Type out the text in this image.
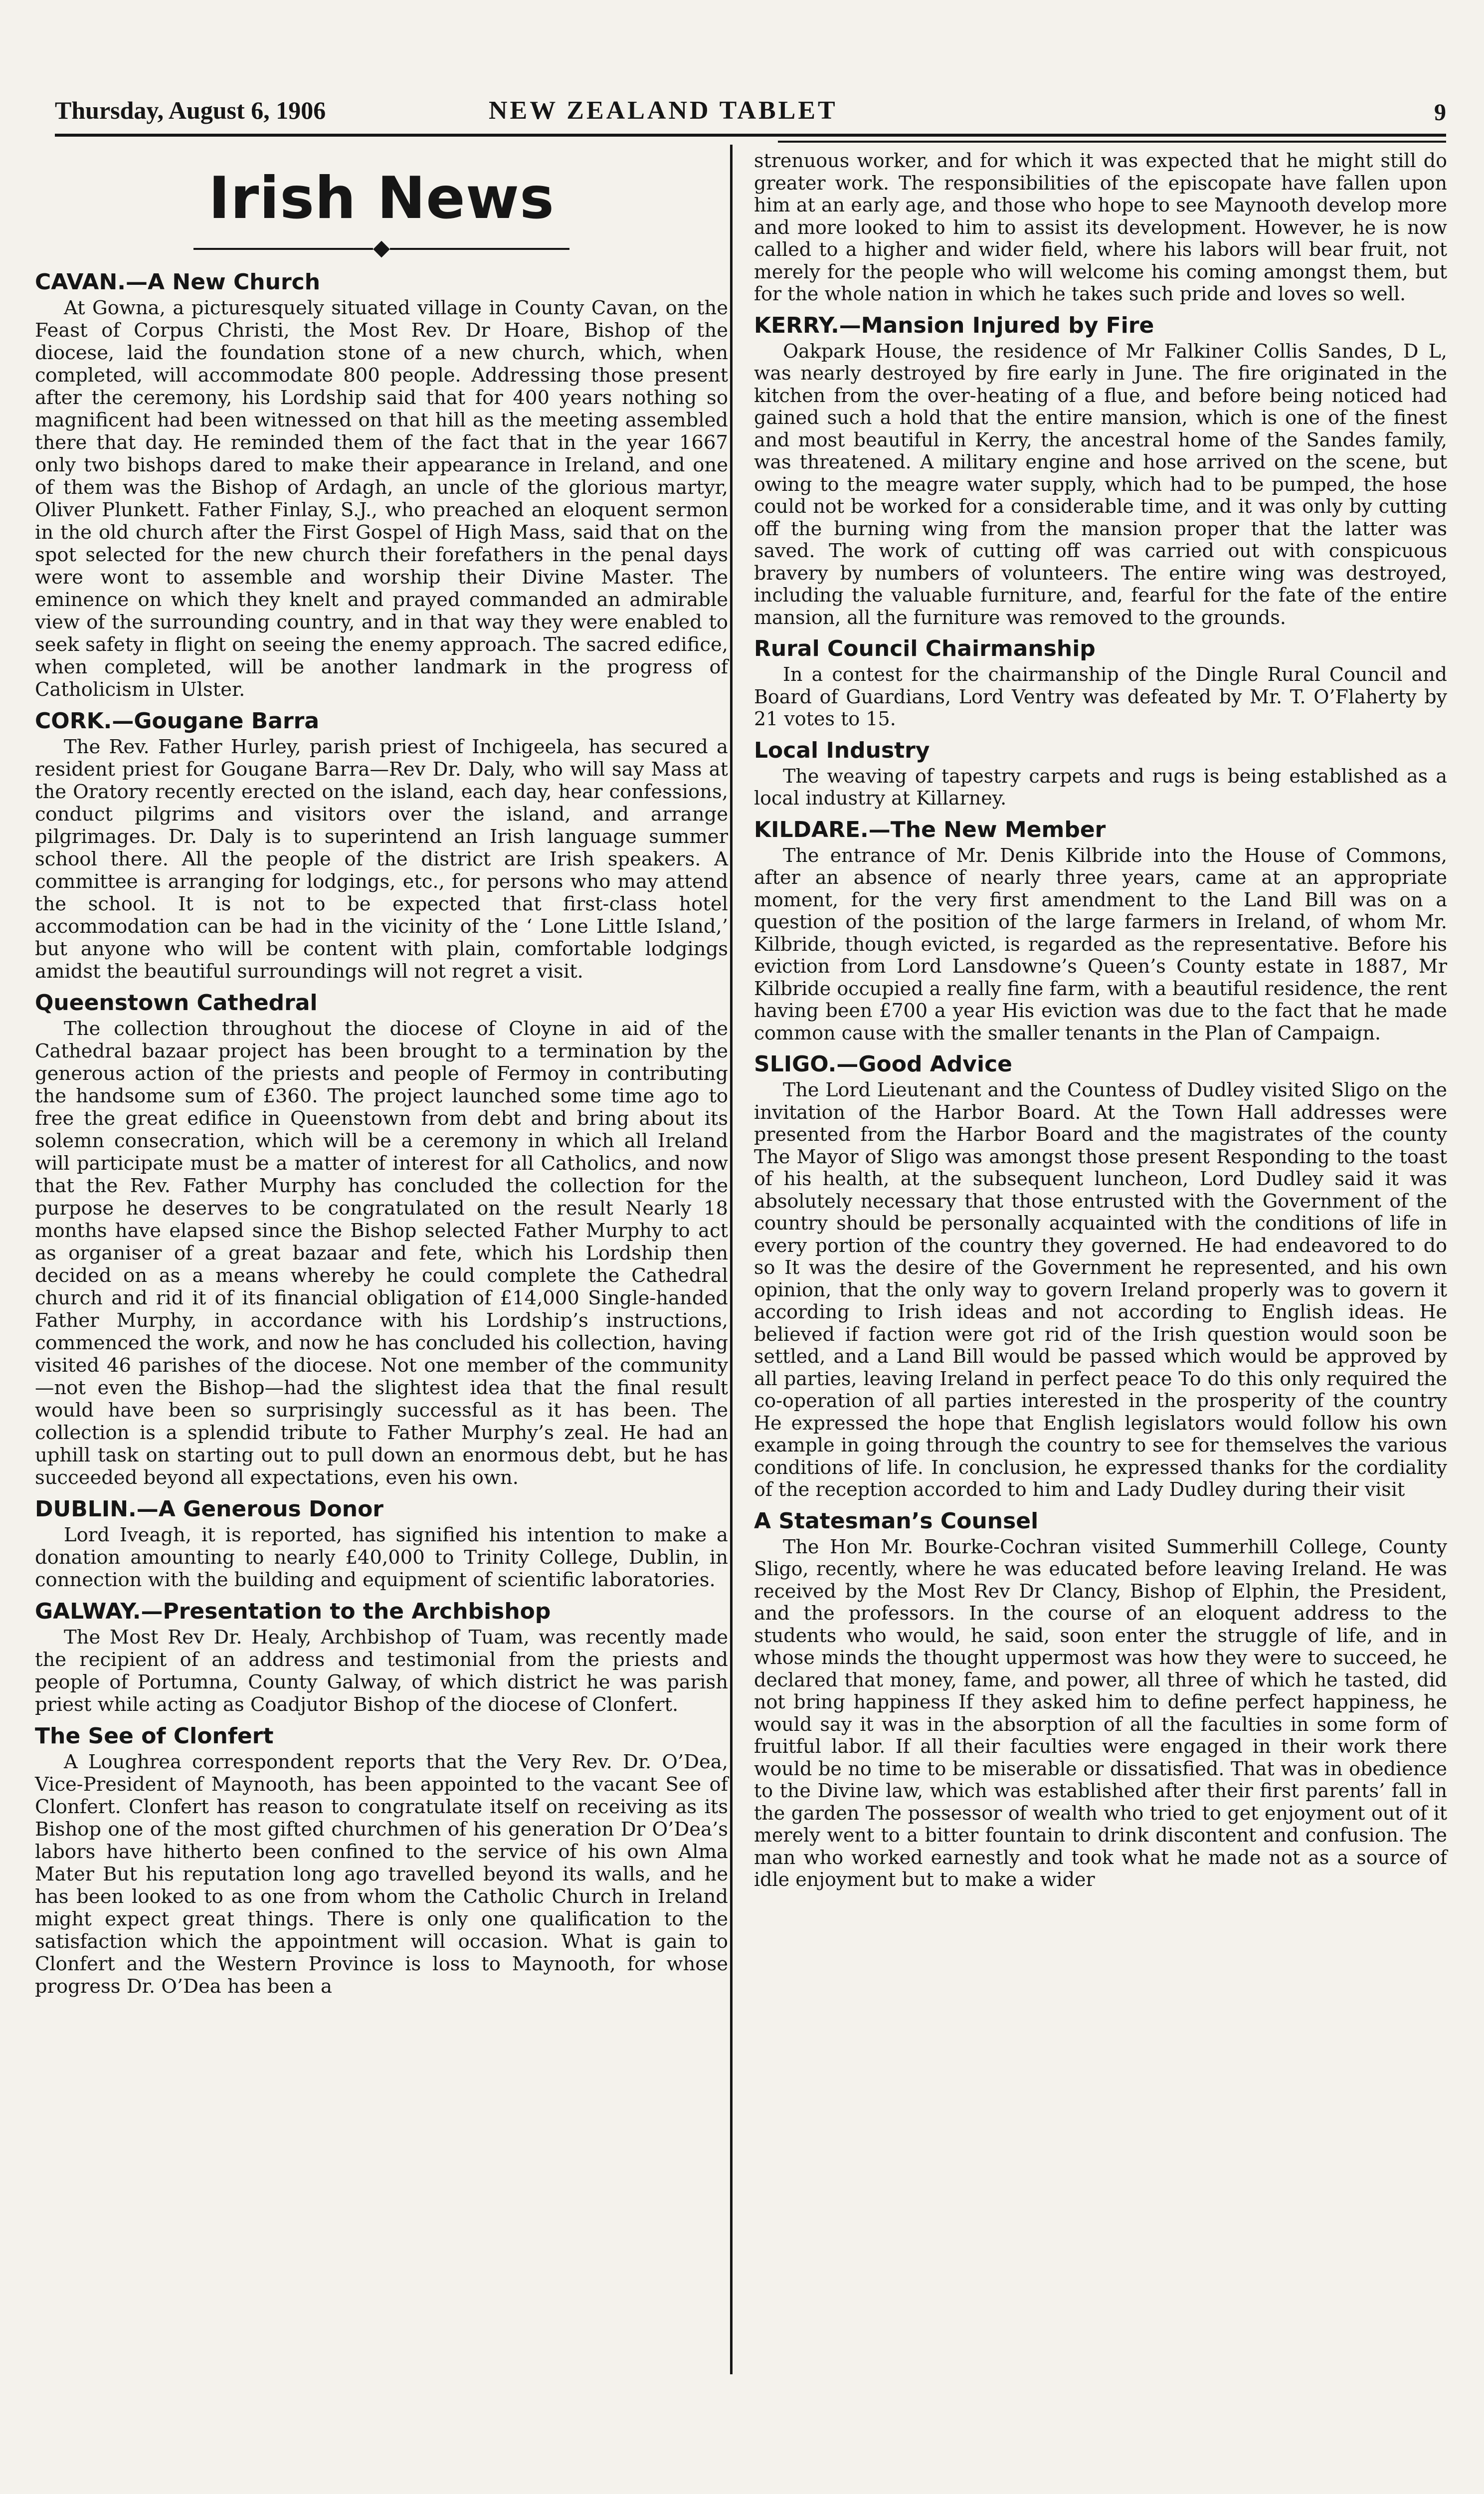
Thursday, August 6, 1906	NEW ZEALAND TABLET	9
Irish News
◆
CAVAN.—A New Church

At Gowna, a picturesquely situated village in County Cavan, on the Feast of Corpus Christi, the Most Rev. Dr Hoare, Bishop of the diocese, laid the foundation stone of a new church, which, when completed, will accommodate 800 people. Addressing those present after the ceremony, his Lordship said that for 400 years nothing so magnificent had been witnessed on that hill as the meeting assembled there that day. He reminded them of the fact that in the year 1667 only two bishops dared to make their appearance in Ireland, and one of them was the Bishop of Ardagh, an uncle of the glorious martyr, Oliver Plunkett. Father Finlay, S.J., who preached an eloquent sermon in the old church after the First Gospel of High Mass, said that on the spot selected for the new church their forefathers in the penal days were wont to assemble and worship their Divine Master. The eminence on which they knelt and prayed commanded an admirable view of the surrounding country, and in that way they were enabled to seek safety in flight on seeing the enemy approach. The sacred edifice, when completed, will be another landmark in the progress of Catholicism in Ulster.

CORK.—Gougane Barra

The Rev. Father Hurley, parish priest of Inchigeela, has secured a resident priest for Gougane Barra—Rev Dr. Daly, who will say Mass at the Oratory recently erected on the island, each day, hear confessions, conduct pilgrims and visitors over the island, and arrange pilgrimages. Dr. Daly is to superintend an Irish language summer school there. All the people of the district are Irish speakers. A committee is arranging for lodgings, etc., for persons who may attend the school. It is not to be expected that first-class hotel accommodation can be had in the vicinity of the ‘ Lone Little Island,’ but anyone who will be content with plain, comfortable lodgings amidst the beautiful surroundings will not regret a visit.

Queenstown Cathedral

The collection throughout the diocese of Cloyne in aid of the Cathedral bazaar project has been brought to a termination by the generous action of the priests and people of Fermoy in contributing the handsome sum of £360. The project launched some time ago to free the great edifice in Queenstown from debt and bring about its solemn consecration, which will be a ceremony in which all Ireland will participate must be a matter of interest for all Catholics, and now that the Rev. Father Murphy has concluded the collection for the purpose he deserves to be congratulated on the result Nearly 18 months have elapsed since the Bishop selected Father Murphy to act as organiser of a great bazaar and fete, which his Lordship then decided on as a means whereby he could complete the Cathedral church and rid it of its financial obligation of £14,000 Single-handed Father Murphy, in accordance with his Lordship’s instructions, commenced the work, and now he has concluded his collection, having visited 46 parishes of the diocese. Not one member of the community—not even the Bishop—had the slightest idea that the final result would have been so surprisingly successful as it has been. The collection is a splendid tribute to Father Murphy’s zeal. He had an uphill task on starting out to pull down an enormous debt, but he has succeeded beyond all expectations, even his own.

DUBLIN.—A Generous Donor

Lord Iveagh, it is reported, has signified his intention to make a donation amounting to nearly £40,000 to Trinity College, Dublin, in connection with the building and equipment of scientific laboratories.

GALWAY.—Presentation to the Archbishop

The Most Rev Dr. Healy, Archbishop of Tuam, was recently made the recipient of an address and testimonial from the priests and people of Portumna, County Galway, of which district he was parish priest while acting as Coadjutor Bishop of the diocese of Clonfert.

The See of Clonfert

A Loughrea correspondent reports that the Very Rev. Dr. O’Dea, Vice-President of Maynooth, has been appointed to the vacant See of Clonfert. Clonfert has reason to congratulate itself on receiving as its Bishop one of the most gifted churchmen of his generation Dr O’Dea’s labors have hitherto been confined to the service of his own Alma Mater But his reputation long ago travelled beyond its walls, and he has been looked to as one from whom the Catholic Church in Ireland might expect great things. There is only one qualification to the satisfaction which the appointment will occasion. What is gain to Clonfert and the Western Province is loss to Maynooth, for whose progress Dr. O’Dea has been a

strenuous worker, and for which it was expected that he might still do greater work. The responsibilities of the episcopate have fallen upon him at an early age, and those who hope to see Maynooth develop more and more looked to him to assist its development. However, he is now called to a higher and wider field, where his labors will bear fruit, not merely for the people who will welcome his coming amongst them, but for the whole nation in which he takes such pride and loves so well.

KERRY.—Mansion Injured by Fire

Oakpark House, the residence of Mr Falkiner Collis Sandes, D L, was nearly destroyed by fire early in June. The fire originated in the kitchen from the over-heating of a flue, and before being noticed had gained such a hold that the entire mansion, which is one of the finest and most beautiful in Kerry, the ancestral home of the Sandes family, was threatened. A military engine and hose arrived on the scene, but owing to the meagre water supply, which had to be pumped, the hose could not be worked for a considerable time, and it was only by cutting off the burning wing from the mansion proper that the latter was saved. The work of cutting off was carried out with conspicuous bravery by numbers of volunteers. The entire wing was destroyed, including the valuable furniture, and, fearful for the fate of the entire mansion, all the furniture was removed to the grounds.

Rural Council Chairmanship

In a contest for the chairmanship of the Dingle Rural Council and Board of Guardians, Lord Ventry was defeated by Mr. T. O’Flaherty by 21 votes to 15.

Local Industry

The weaving of tapestry carpets and rugs is being established as a local industry at Killarney.

KILDARE.—The New Member

The entrance of Mr. Denis Kilbride into the House of Commons, after an absence of nearly three years, came at an appropriate moment, for the very first amendment to the Land Bill was on a question of the position of the large farmers in Ireland, of whom Mr. Kilbride, though evicted, is regarded as the representative. Before his eviction from Lord Lansdowne’s Queen’s County estate in 1887, Mr Kilbride occupied a really fine farm, with a beautiful residence, the rent having been £700 a year His eviction was due to the fact that he made common cause with the smaller tenants in the Plan of Campaign.

SLIGO.—Good Advice

The Lord Lieutenant and the Countess of Dudley visited Sligo on the invitation of the Harbor Board. At the Town Hall addresses were presented from the Harbor Board and the magistrates of the county The Mayor of Sligo was amongst those present Responding to the toast of his health, at the subsequent luncheon, Lord Dudley said it was absolutely necessary that those entrusted with the Government of the country should be personally acquainted with the conditions of life in every portion of the country they governed. He had endeavored to do so It was the desire of the Government he represented, and his own opinion, that the only way to govern Ireland properly was to govern it according to Irish ideas and not according to English ideas. He believed if faction were got rid of the Irish question would soon be settled, and a Land Bill would be passed which would be approved by all parties, leaving Ireland in perfect peace To do this only required the co-operation of all parties interested in the prosperity of the country He expressed the hope that English legislators would follow his own example in going through the country to see for themselves the various conditions of life. In conclusion, he expressed thanks for the cordiality of the reception accorded to him and Lady Dudley during their visit

A Statesman’s Counsel

The Hon Mr. Bourke-Cochran visited Summerhill College, County Sligo, recently, where he was educated before leaving Ireland. He was received by the Most Rev Dr Clancy, Bishop of Elphin, the President, and the professors. In the course of an eloquent address to the students who would, he said, soon enter the struggle of life, and in whose minds the thought uppermost was how they were to succeed, he declared that money, fame, and power, all three of which he tasted, did not bring happiness If they asked him to define perfect happiness, he would say it was in the absorption of all the faculties in some form of fruitful labor. If all their faculties were engaged in their work there would be no time to be miserable or dissatisfied. That was in obedience to the Divine law, which was established after their first parents’ fall in the garden The possessor of wealth who tried to get enjoyment out of it merely went to a bitter fountain to drink discontent and confusion. The man who worked earnestly and took what he made not as a source of idle enjoyment but to make a wider
